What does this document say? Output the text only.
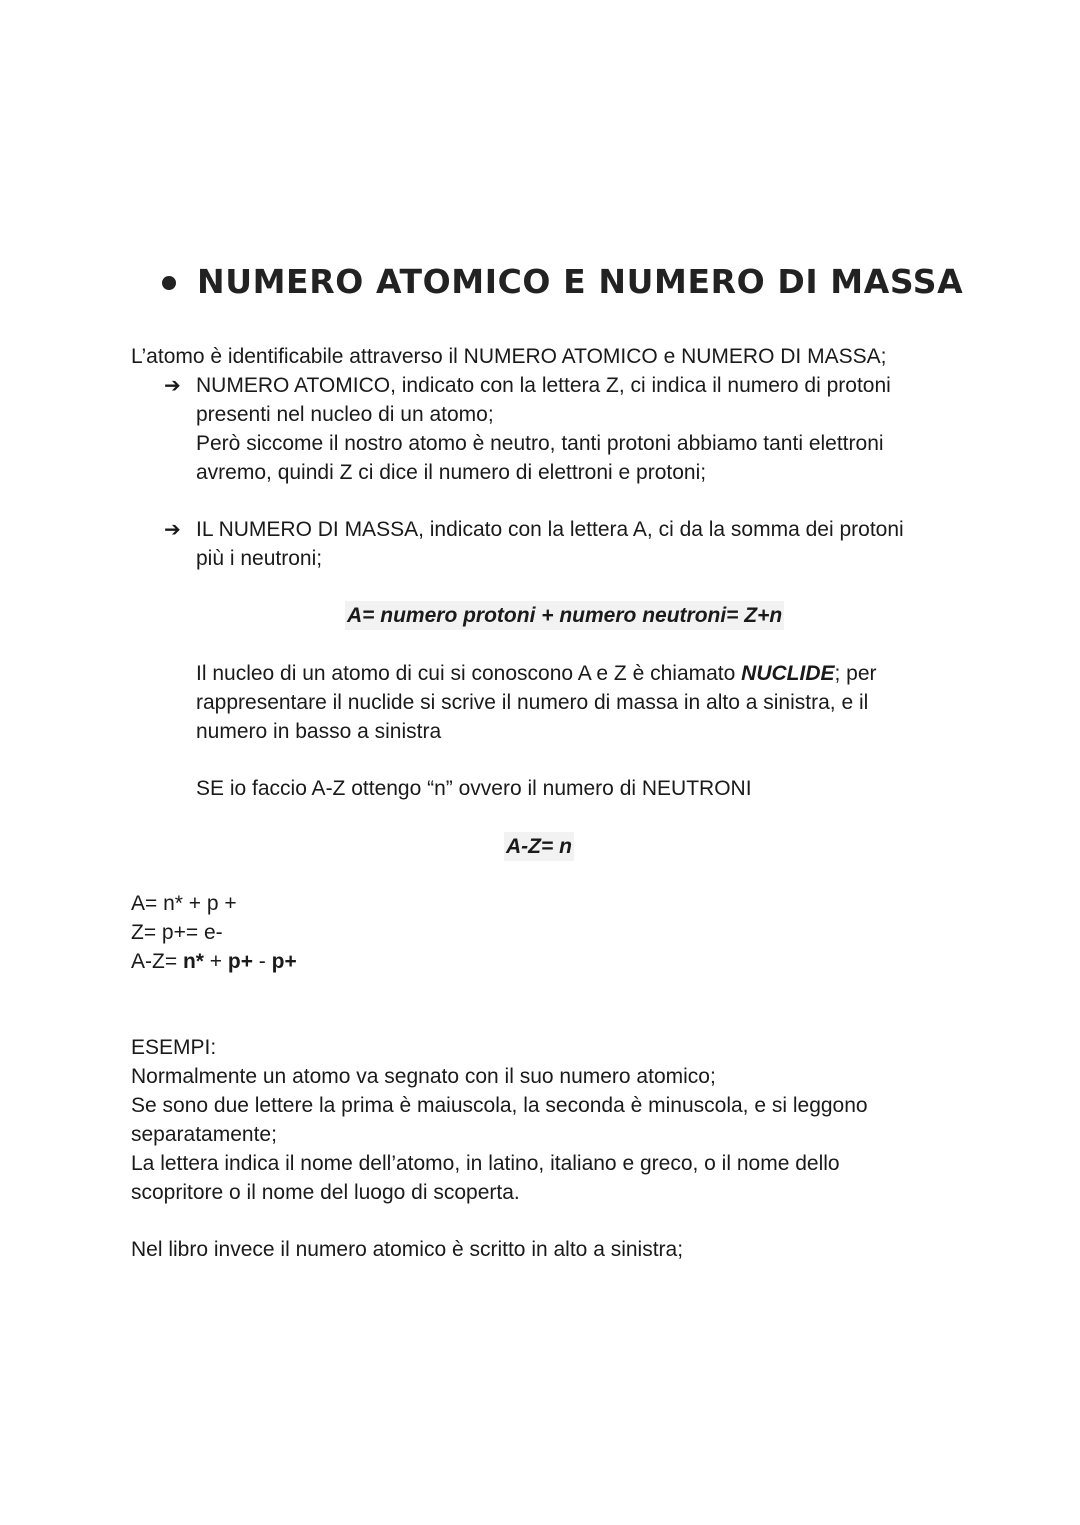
NUMERO ATOMICO E NUMERO DI MASSA
L’atomo è identificabile attraverso il NUMERO ATOMICO e NUMERO DI MASSA;
➔ NUMERO ATOMICO, indicato con la lettera Z, ci indica il numero di protoni
presenti nel nucleo di un atomo;
Però siccome il nostro atomo è neutro, tanti protoni abbiamo tanti elettroni
avremo, quindi Z ci dice il numero di elettroni e protoni;
➔ IL NUMERO DI MASSA, indicato con la lettera A, ci da la somma dei protoni
più i neutroni;
A= numero protoni + numero neutroni= Z+n
Il nucleo di un atomo di cui si conoscono A e Z è chiamato NUCLIDE; per
rappresentare il nuclide si scrive il numero di massa in alto a sinistra, e il
numero in basso a sinistra
SE io faccio A-Z ottengo “n” ovvero il numero di NEUTRONI
A-Z= n
A= n* + p +
Z= p+= e-
A-Z= n* + p+ - p+
ESEMPI:
Normalmente un atomo va segnato con il suo numero atomico;
Se sono due lettere la prima è maiuscola, la seconda è minuscola, e si leggono
separatamente;
La lettera indica il nome dell’atomo, in latino, italiano e greco, o il nome dello
scopritore o il nome del luogo di scoperta.
Nel libro invece il numero atomico è scritto in alto a sinistra;
